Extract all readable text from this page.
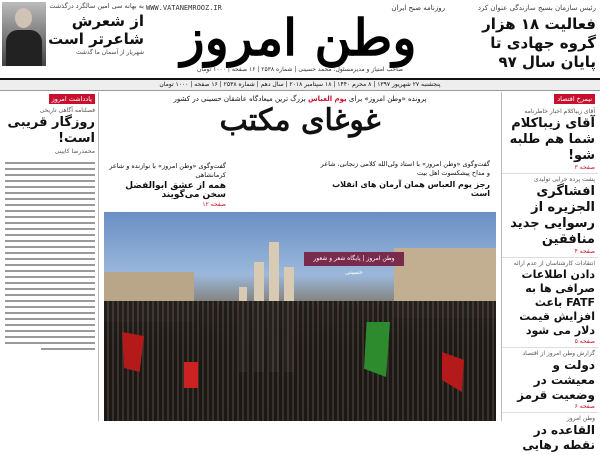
رئیس سازمان بسیج سازندگی عنوان کرد
فعالیت ۱۸ هزار گروه جهادی تا پایان سال ۹۷
WWW.VATANEMROOZ.IR	روزنامه صبح ایران
وطن امروز
صاحب امتیاز و مدیرمسئول: محمد حسینی | شماره ۲۵۳۸ | ۱۶ صفحه | ۱۰۰۰ تومان
به بهانه سی امین سالگرد درگذشت
از شعرش شاعرتر است
شهریار از آسمان ما گذشت
پنجشنبه ۲۷ شهریور ۱۳۹۷ | ۸ محرم ۱۴۴۰ | ۱۸ سپتامبر ۲۰۱۸ | سال دهم | شماره ۲۵۳۸ | ۱۶ صفحه | ۱۰۰۰ تومان
نیمرخ اقتصاد
آقای زیباکلام اخبار خاطرنامه
آقای زیباکلام شما هم طلبه شو!
صفحه ۳
پشت پرده جرایی تولیدی
افشاگری الجزیره از رسوایی جدید منافقین
صفحه ۴
انتقادات کارشناسان از عدم ارائه
دادن اطلاعات صرافی ها به FATF باعث افزایش قیمت دلار می شود
صفحه ۵
گزارش وطن امروز از اقتصاد
دولت و معیشت در وضعیت قرمز
صفحه ۶
وطن امروز
القاعده در نقطه رهایی
یادداشت امروز
فصلنامه آگاهی تاریخی
روزگار قریبی است!
محمدرضا کایینی
پرونده «وطن امروز» برای یوم العباس بزرگ ترین میعادگاه عاشقان حسینی در کشور
غوغای مکتب
گفت‌وگوی «وطن امروز» با استاد ولی‌الله کلامی زنجانی، شاعر و مداح پیشکسوت اهل بیت
رجز یوم العباس همان آرمان های انقلاب است
گفت‌وگوی «وطن امروز» با نوازنده و شاعر کرمانشاهی
همه از عشق ابوالفضل سخن می‌گویند
صفحه ۱۲
وطن امروز | پایگاه شعر و شعور حسینی
